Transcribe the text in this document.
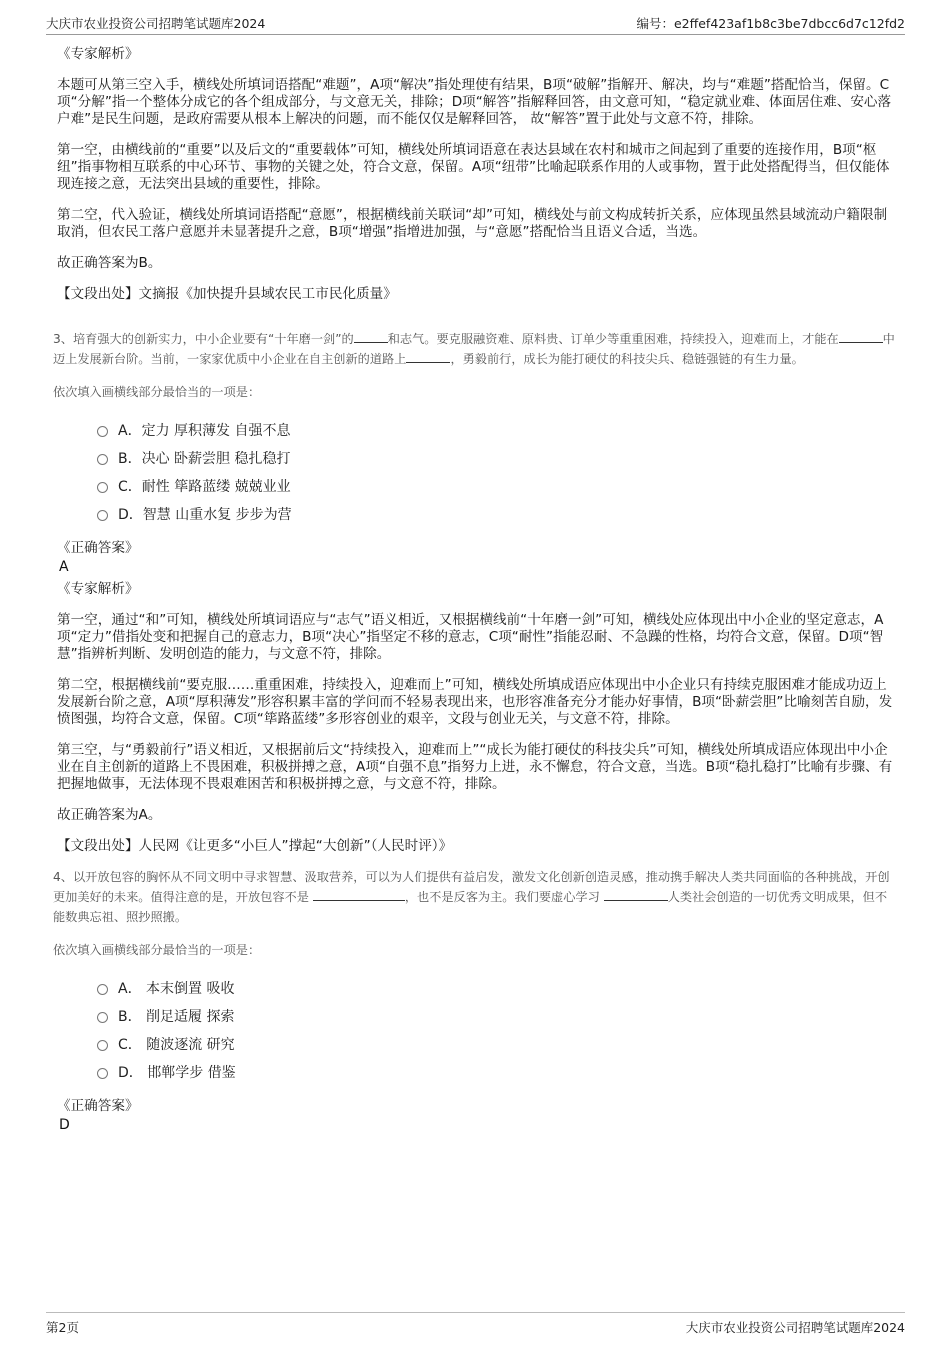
大庆市农业投资公司招聘笔试题库2024	编号：e2ffef423af1b8c3be7dbcc6d7c12fd2

《专家解析》

本题可从第三空入手，横线处所填词语搭配“难题”，A项“解决”指处理使有结果，B项“破解”指解开、解决，均与“难题”搭配恰当，保留。C项“分解”指一个整体分成它的各个组成部分，与文意无关，排除；D项“解答”指解释回答，由文意可知，“稳定就业难、体面居住难、安心落户难”是民生问题，是政府需要从根本上解决的问题，而不能仅仅是解释回答， 故“解答”置于此处与文意不符，排除。

第一空，由横线前的“重要”以及后文的“重要载体”可知，横线处所填词语意在表达县域在农村和城市之间起到了重要的连接作用，B项“枢纽”指事物相互联系的中心环节、事物的关键之处，符合文意，保留。A项“纽带”比喻起联系作用的人或事物，置于此处搭配得当，但仅能体现连接之意，无法突出县域的重要性，排除。

第二空，代入验证，横线处所填词语搭配“意愿”，根据横线前关联词“却”可知，横线处与前文构成转折关系，应体现虽然县域流动户籍限制取消，但农民工落户意愿并未显著提升之意，B项“增强”指增进加强，与“意愿”搭配恰当且语义合适，当选。

故正确答案为B。

【文段出处】文摘报《加快提升县域农民工市民化质量》

3、培育强大的创新实力，中小企业要有“十年磨一剑”的	和志气。要克服融资难、原料贵、订单少等重重困难，持续投入，迎难而上，才能在	中迈上发展新台阶。当前，一家家优质中小企业在自主创新的道路上	，勇毅前行，成长为能打硬仗的科技尖兵、稳链强链的有生力量。

依次填入画横线部分最恰当的一项是：

A．定力 厚积薄发 自强不息
B．决心 卧薪尝胆 稳扎稳打
C．耐性 筚路蓝缕 兢兢业业
D．智慧 山重水复 步步为营

《正确答案》

A

《专家解析》

第一空，通过“和”可知，横线处所填词语应与“志气”语义相近，又根据横线前“十年磨一剑”可知，横线处应体现出中小企业的坚定意志，A项“定力”借指处变和把握自己的意志力，B项“决心”指坚定不移的意志，C项“耐性”指能忍耐、不急躁的性格，均符合文意，保留。D项“智慧”指辨析判断、发明创造的能力，与文意不符，排除。

第二空，根据横线前“要克服……重重困难，持续投入，迎难而上”可知，横线处所填成语应体现出中小企业只有持续克服困难才能成功迈上发展新台阶之意，A项“厚积薄发”形容积累丰富的学问而不轻易表现出来，也形容准备充分才能办好事情，B项“卧薪尝胆”比喻刻苦自励，发愤图强，均符合文意，保留。C项“筚路蓝缕”多形容创业的艰辛，文段与创业无关，与文意不符，排除。

第三空，与“勇毅前行”语义相近，又根据前后文“持续投入，迎难而上”“成长为能打硬仗的科技尖兵”可知，横线处所填成语应体现出中小企业在自主创新的道路上不畏困难，积极拼搏之意，A项“自强不息”指努力上进，永不懈怠，符合文意，当选。B项“稳扎稳打”比喻有步骤、有把握地做事，无法体现不畏艰难困苦和积极拼搏之意，与文意不符，排除。

故正确答案为A。

【文段出处】人民网《让更多“小巨人”撑起“大创新”（人民时评）》

4、以开放包容的胸怀从不同文明中寻求智慧、汲取营养，可以为人们提供有益启发，激发文化创新创造灵感，推动携手解决人类共同面临的各种挑战，开创更加美好的未来。值得注意的是，开放包容不是	，也不是反客为主。我们要虚心学习	人类社会创造的一切优秀文明成果，但不能数典忘祖、照抄照搬。

依次填入画横线部分最恰当的一项是：

A． 本末倒置 吸收
B． 削足适履 探索
C． 随波逐流 研究
D． 邯郸学步 借鉴

《正确答案》

D

第2页	大庆市农业投资公司招聘笔试题库2024
